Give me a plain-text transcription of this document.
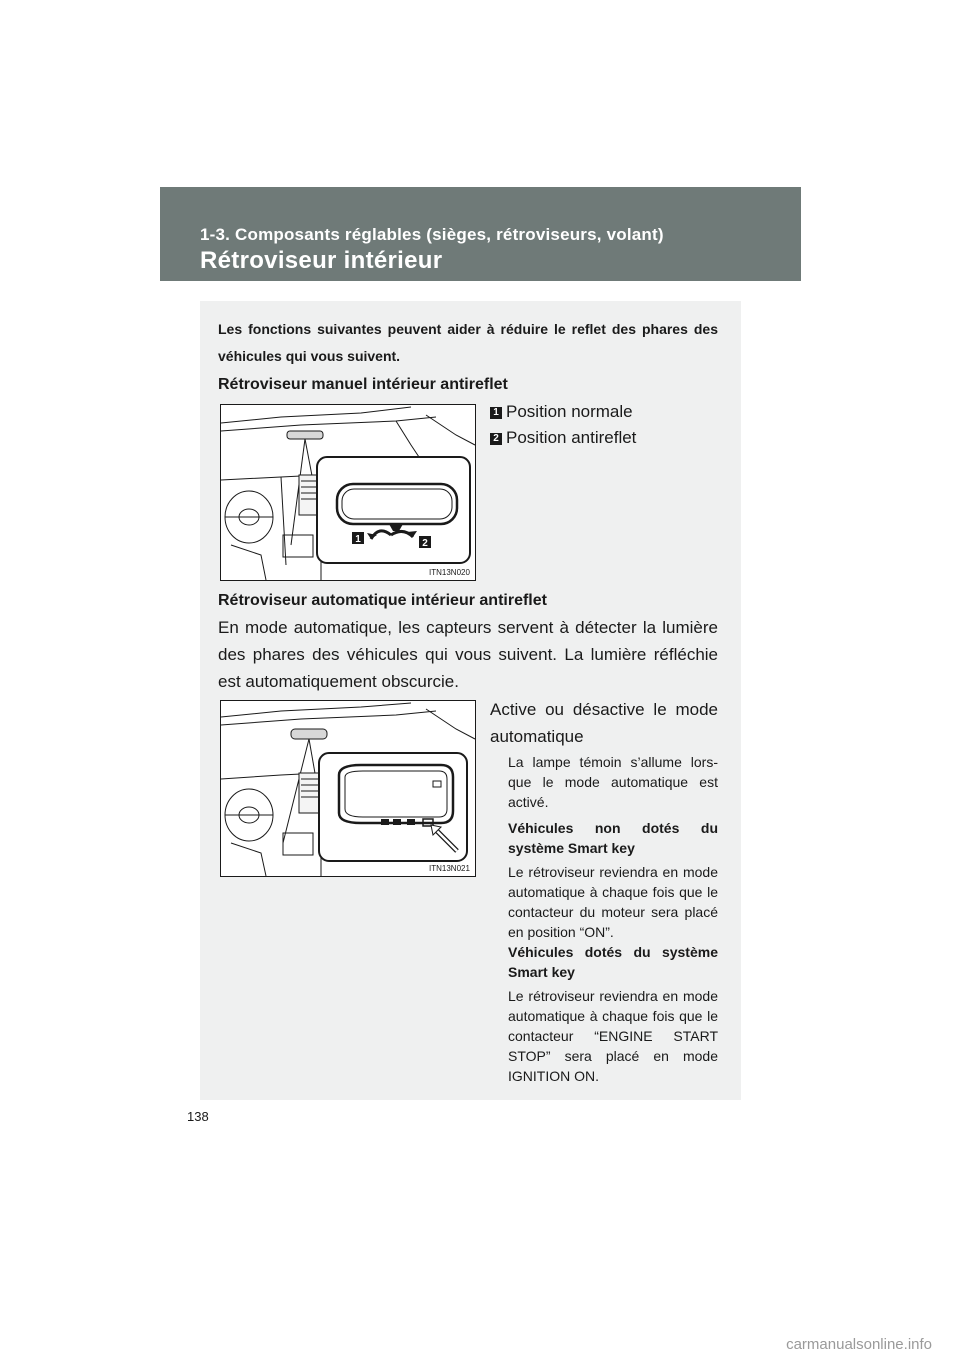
1-3. Composants réglables (sièges, rétroviseurs, volant)
Rétroviseur intérieur
Les fonctions suivantes peuvent aider à réduire le reflet des phares des véhicules qui vous suivent.
Rétroviseur manuel intérieur antireflet
1 Position normale
2 Position antireflet
1	2
ITN13N020
Rétroviseur automatique intérieur antireflet
En mode automatique, les capteurs servent à détecter la lumière des phares des véhicules qui vous suivent. La lumière réfléchie est automatiquement obscurcie.
ITN13N021
Active ou désactive le mode automatique
La lampe témoin s’allume lors-que le mode automatique est activé.
Véhicules non dotés du système Smart key
Le rétroviseur reviendra en mode automatique à chaque fois que le contacteur du moteur sera placé en position “ON”.
Véhicules dotés du système Smart key
Le rétroviseur reviendra en mode automatique à chaque fois que le contacteur “ENGINE START STOP” sera placé en mode IGNITION ON.
138
carmanualsonline.info
